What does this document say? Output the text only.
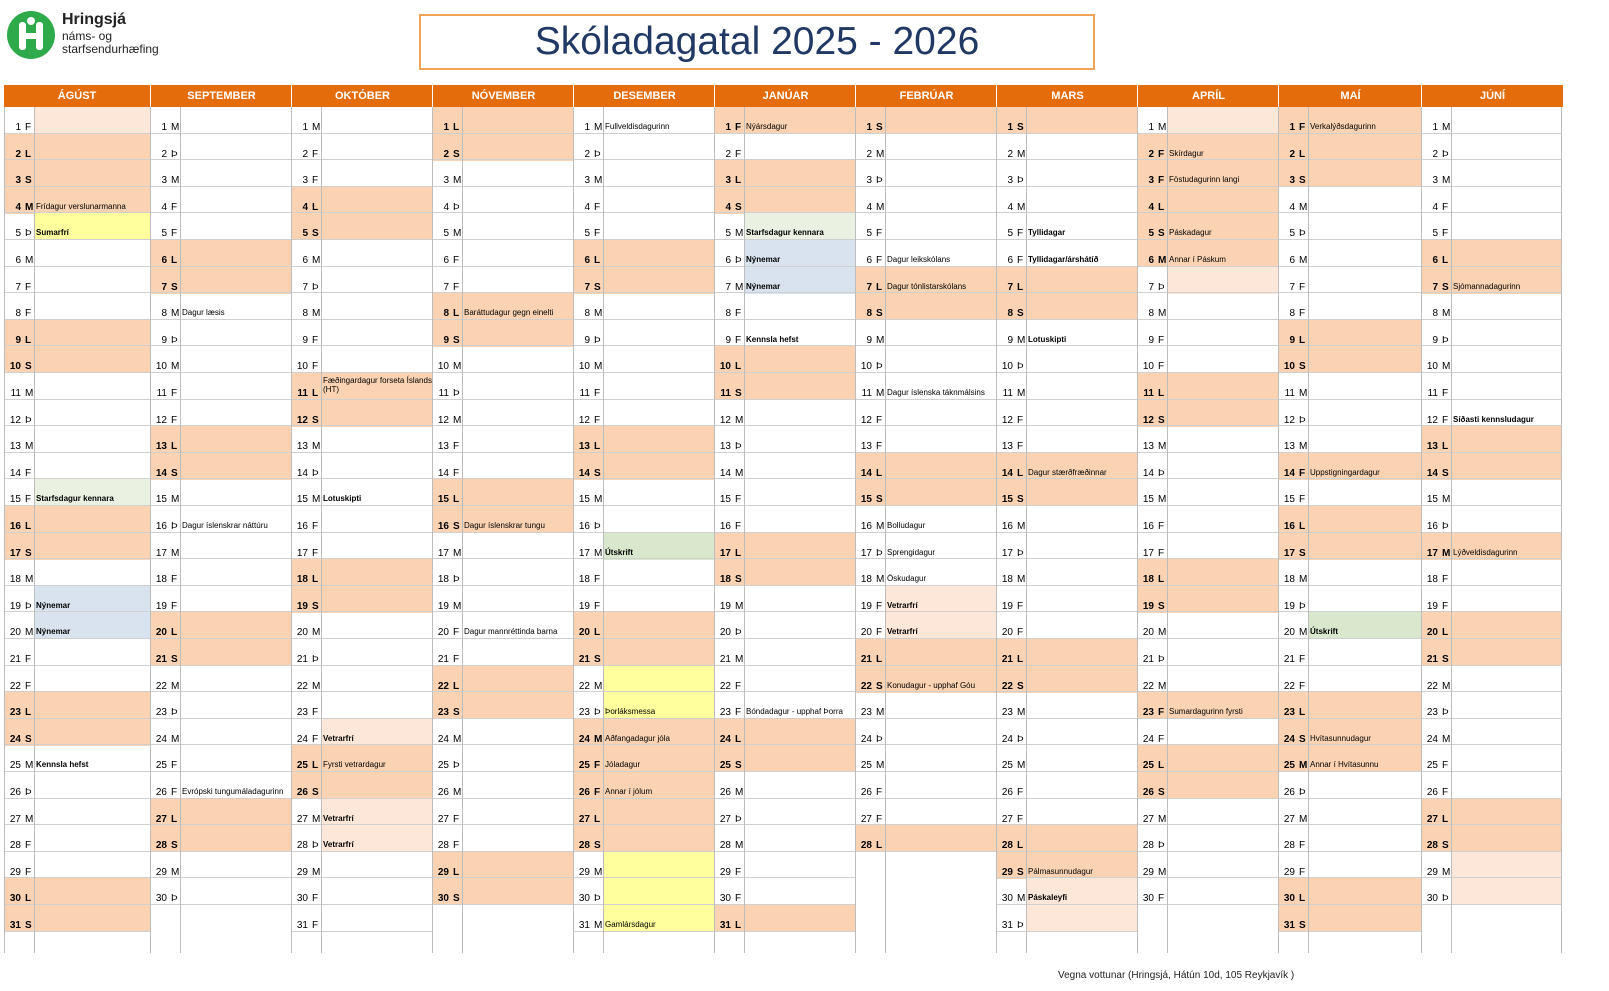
Hringsjá
náms- og starfsendurhæfing	Skóladagatal 2025 - 2026
ÁGÚST
1 F
2 L
3 S
4 M Frídagur verslunarmanna
5 Þ Sumarfrí
6 M
7 F
8 F
9 L
10 S
11 M
12 Þ
13 M
14 F
15 F Starfsdagur kennara
16 L
17 S
18 M
19 Þ Nýnemar
20 M Nýnemar
21 F
22 F
23 L
24 S
25 M Kennsla hefst
26 Þ
27 M
28 F
29 F
30 L
31 S
SEPTEMBER
1 M
2 Þ
3 M
4 F
5 F
6 L
7 S
8 M Dagur læsis
9 Þ
10 M
11 F
12 F
13 L
14 S
15 M
16 Þ Dagur íslenskrar náttúru
17 M
18 F
19 F
20 L
21 S
22 M
23 Þ
24 M
25 F
26 F Evrópski tungumáladagurinn
27 L
28 S
29 M
30 Þ
OKTÓBER
1 M
2 F
3 F
4 L
5 S
6 M
7 Þ
8 M
9 F
10 F
11 L
Fæðingardagur forseta Íslands (HT)
12 S
13 M
14 Þ
15 M Lotuskipti
16 F
17 F
18 L
19 S
20 M
21 Þ
22 M
23 F
24 F Vetrarfrí
25 L Fyrsti vetrardagur
26 S
27 M Vetrarfrí
28 Þ Vetrarfrí
29 M
30 F
31 F
NÓVEMBER
1 L
2 S
3 M
4 Þ
5 M
6 F
7 F
8 L Baráttudagur gegn einelti
9 S
10 M
11 Þ
12 M
13 F
14 F
15 L
16 S Dagur íslenskrar tungu
17 M
18 Þ
19 M
20 F Dagur mannréttinda barna
21 F
22 L
23 S
24 M
25 Þ
26 M
27 F
28 F
29 L
30 S
DESEMBER
1 M Fullveldisdagurinn
2 Þ
3 M
4 F
5 F
6 L
7 S
8 M
9 Þ
10 M
11 F
12 F
13 L
14 S
15 M
16 Þ
17 M Útskrift
18 F
19 F
20 L
21 S
22 M
23 Þ Þorláksmessa
24 M Aðfangadagur jóla
25 F Jóladagur
26 F Annar í jólum
27 L
28 S
29 M
30 Þ
31 M Gamlársdagur
JANÚAR
1 F Nýársdagur
2 F
3 L
4 S
5 M Starfsdagur kennara
6 Þ Nýnemar
7 M Nýnemar
8 F
9 F Kennsla hefst
10 L
11 S
12 M
13 Þ
14 M
15 F
16 F
17 L
18 S
19 M
20 Þ
21 M
22 F
23 F Bóndadagur - upphaf Þorra
24 L
25 S
26 M
27 Þ
28 M
29 F
30 F
31 L
FEBRÚAR
1 S
2 M
3 Þ
4 M
5 F
6 F Dagur leikskólans
7 L Dagur tónlistarskólans
8 S
9 M
10 Þ
11 M Dagur íslenska táknmálsins
12 F
13 F
14 L
15 S
16 M Bolludagur
17 Þ Sprengidagur
18 M Öskudagur
19 F Vetrarfrí
20 F Vetrarfrí
21 L
22 S Konudagur - upphaf Góu
23 M
24 Þ
25 M
26 F
27 F
28 L
MARS
1 S
2 M
3 Þ
4 M
5 F Tyllidagar
6 F Tyllidagar/árshátíð
7 L
8 S
9 M Lotuskipti
10 Þ
11 M
12 F
13 F
14 L Dagur stærðfræðinnar
15 S
16 M
17 Þ
18 M
19 F
20 F
21 L
22 S
23 M
24 Þ
25 M
26 F
27 F
28 L
29 S Pálmasunnudagur
30 M Páskaleyfi
31 Þ
APRÍL
1 M
2 F Skírdagur
3 F Föstudagurinn langi
4 L
5 S Páskadagur
6 M Annar í Páskum
7 Þ
8 M
9 F
10 F
11 L
12 S
13 M
14 Þ
15 M
16 F
17 F
18 L
19 S
20 M
21 Þ
22 M
23 F Sumardagurinn fyrsti
24 F
25 L
26 S
27 M
28 Þ
29 M
30 F
MAÍ
1 F Verkalýðsdagurinn
2 L
3 S
4 M
5 Þ
6 M
7 F
8 F
9 L
10 S
11 M
12 Þ
13 M
14 F Uppstigningardagur
15 F
16 L
17 S
18 M
19 Þ
20 M Útskrift
21 F
22 F
23 L
24 S Hvítasunnudagur
25 M Annar í Hvítasunnu
26 Þ
27 M
28 F
29 F
30 L
31 S
JÚNÍ
1 M
2 Þ
3 M
4 F
5 F
6 L
7 S Sjómannadagurinn
8 M
9 Þ
10 M
11 F
12 F Síðasti kennsludagur
13 L
14 S
15 M
16 Þ
17 M Lýðveldisdagurinn
18 F
19 F
20 L
21 S
22 M
23 Þ
24 M
25 F
26 F
27 L
28 S
29 M
30 Þ
Vegna vottunar (Hringsjá, Hátún 10d, 105 Reykjavík )
